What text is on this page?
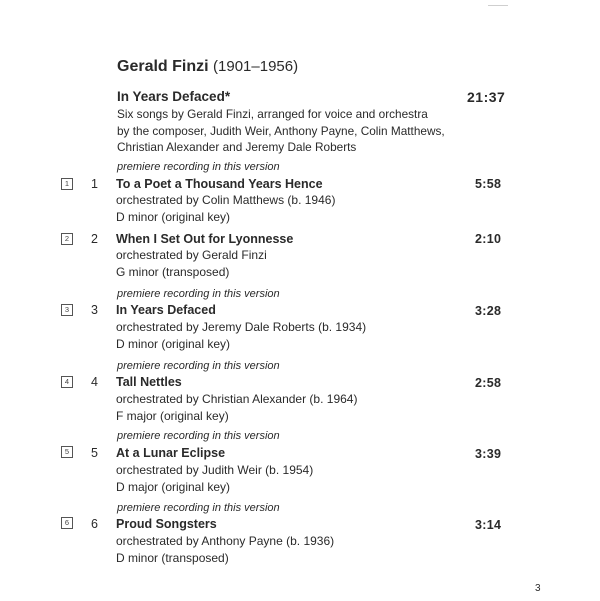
Gerald Finzi (1901–1956)
In Years Defaced*	21:37
Six songs by Gerald Finzi, arranged for voice and orchestra
by the composer, Judith Weir, Anthony Payne, Colin Matthews,
Christian Alexander and Jeremy Dale Roberts
premiere recording in this version
1	1 To a Poet a Thousand Years Hence	5:58
orchestrated by Colin Matthews (b. 1946)
D minor (original key)
2	2 When I Set Out for Lyonnesse	2:10
orchestrated by Gerald Finzi
G minor (transposed)
premiere recording in this version
3	3 In Years Defaced	3:28
orchestrated by Jeremy Dale Roberts (b. 1934)
D minor (original key)
premiere recording in this version
4	4 Tall Nettles	2:58
orchestrated by Christian Alexander (b. 1964)
F major (original key)
premiere recording in this version
5	5 At a Lunar Eclipse	3:39
orchestrated by Judith Weir (b. 1954)
D major (original key)
premiere recording in this version
6	6 Proud Songsters	3:14
orchestrated by Anthony Payne (b. 1936)
D minor (transposed)
3
